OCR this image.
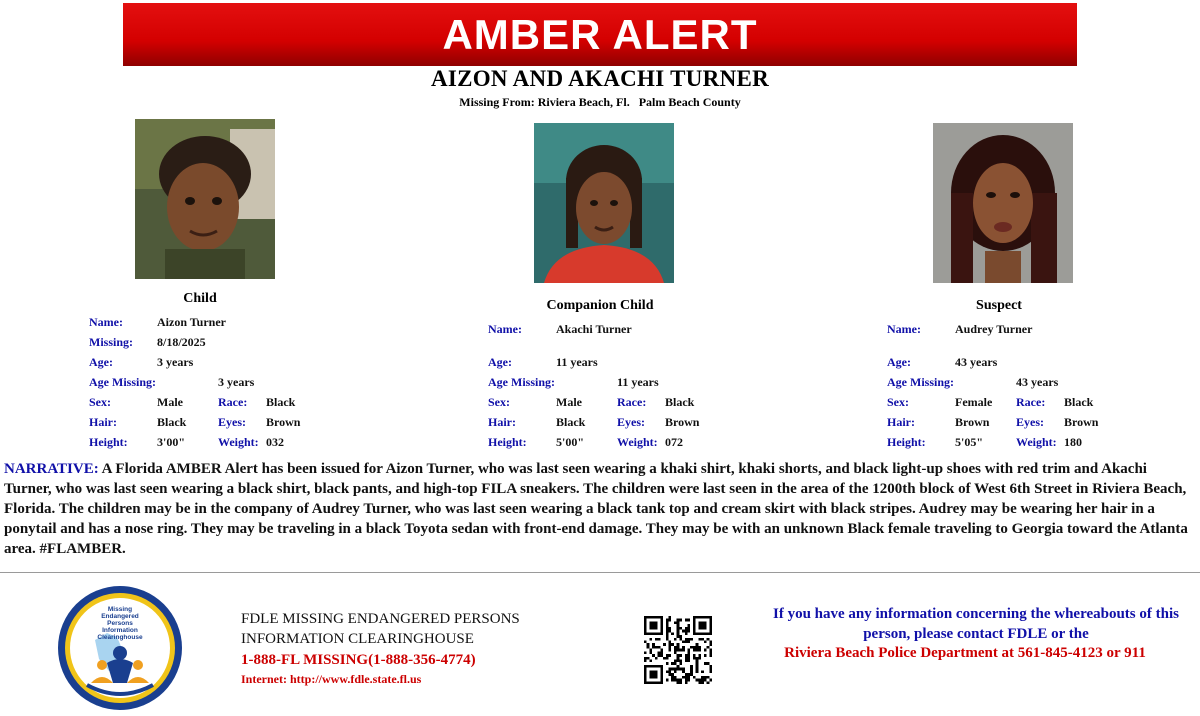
AMBER ALERT
AIZON AND AKACHI TURNER
Missing From: Riviera Beach, Fl.   Palm Beach County
Child
Name:	Aizon Turner
Missing: 8/18/2025
Age:	3 years
Age Missing:	3 years
Sex:	Male	Race: Black
Hair:	Black	Eyes: Brown
Height: 3'00"	Weight: 032
Companion Child
Name:	Akachi Turner
Age:	11 years
Age Missing:	11 years
Sex:	Male	Race: Black
Hair:	Black	Eyes: Brown
Height: 5'00"	Weight: 072
Suspect
Name:	Audrey Turner
Age:	43 years
Age Missing:	43 years
Sex:	Female Race: Black
Hair:	Brown Eyes: Brown
Height: 5'05"	Weight: 180
NARRATIVE: A Florida AMBER Alert has been issued for Aizon Turner, who was last seen wearing a khaki shirt, khaki shorts, and black light-up shoes with red trim and Akachi Turner, who was last seen wearing a black shirt, black pants, and high-top FILA sneakers. The children were last seen in the area of the 1200th block of West 6th Street in Riviera Beach, Florida. The children may be in the company of Audrey Turner, who was last seen wearing a black tank top and cream skirt with black stripes. Audrey may be wearing her hair in a ponytail and has a nose ring. They may be traveling in a black Toyota sedan with front-end damage. They may be with an unknown Black female traveling to Georgia toward the Atlanta area. #FLAMBER.
Missing
Endangered
Persons
Information
Clearinghouse
FDLE MISSING ENDANGERED PERSONS
INFORMATION CLEARINGHOUSE
1-888-FL MISSING(1-888-356-4774)
Internet: http://www.fdle.state.fl.us
If you have any information concerning the whereabouts of this person, please contact FDLE or the
Riviera Beach Police Department at 561-845-4123 or 911
